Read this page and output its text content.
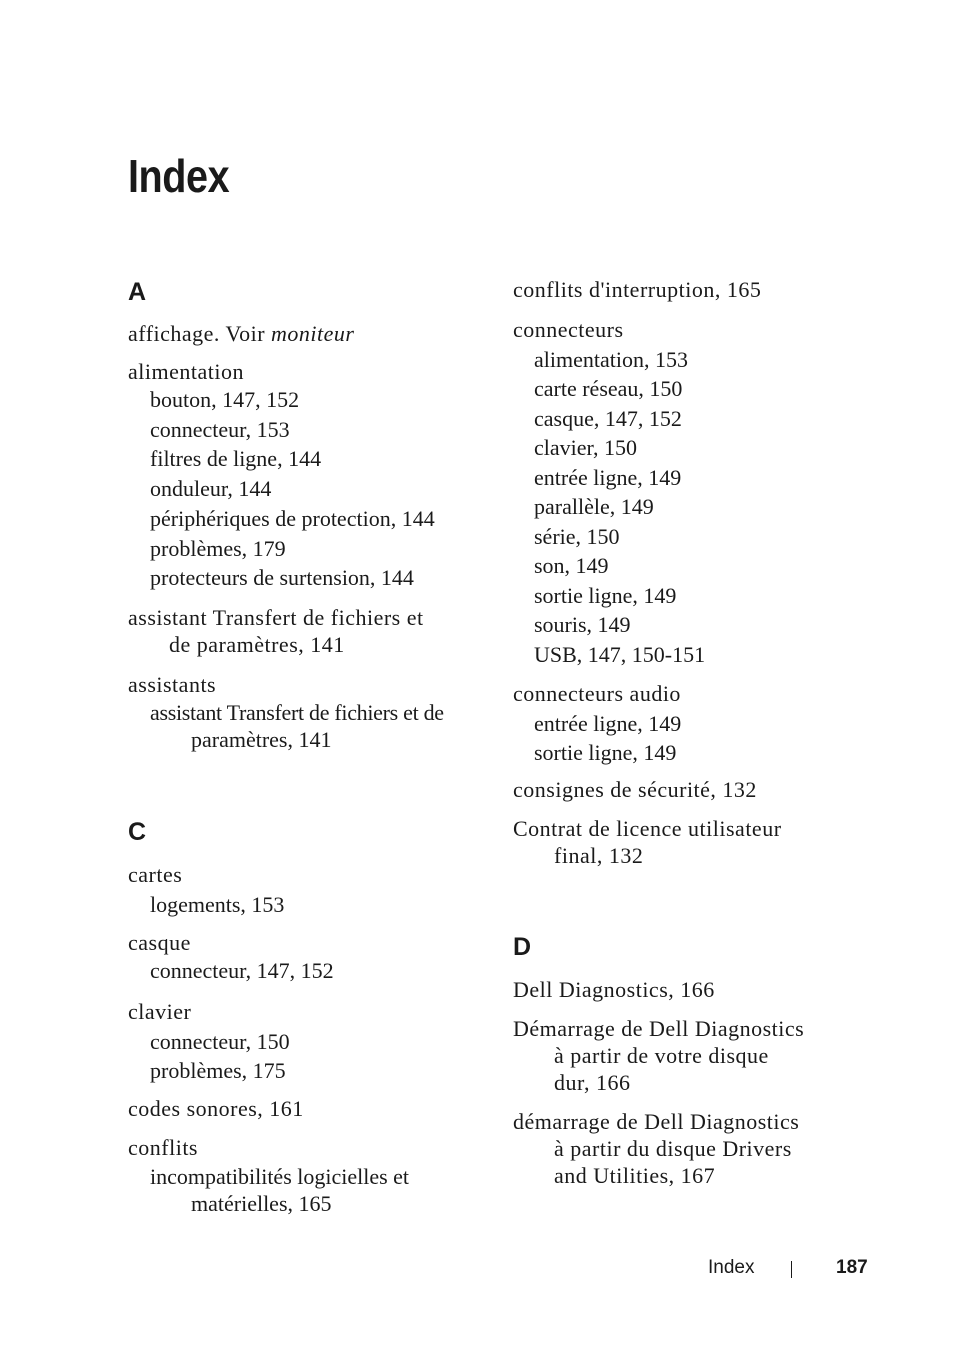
Index
A
affichage. Voir moniteur
alimentation
bouton, 147, 152
connecteur, 153
filtres de ligne, 144
onduleur, 144
périphériques de protection, 144
problèmes, 179
protecteurs de surtension, 144
assistant Transfert de fichiers et
de paramètres, 141
assistants
assistant Transfert de fichiers et de
paramètres, 141
C
cartes
logements, 153
casque
connecteur, 147, 152
clavier
connecteur, 150
problèmes, 175
codes sonores, 161
conflits
incompatibilités logicielles et
matérielles, 165
conflits d'interruption, 165
connecteurs
alimentation, 153
carte réseau, 150
casque, 147, 152
clavier, 150
entrée ligne, 149
parallèle, 149
série, 150
son, 149
sortie ligne, 149
souris, 149
USB, 147, 150-151
connecteurs audio
entrée ligne, 149
sortie ligne, 149
consignes de sécurité, 132
Contrat de licence utilisateur
final, 132
D
Dell Diagnostics, 166
Démarrage de Dell Diagnostics
à partir de votre disque
dur, 166
démarrage de Dell Diagnostics
à partir du disque Drivers
and Utilities, 167
Index	187
